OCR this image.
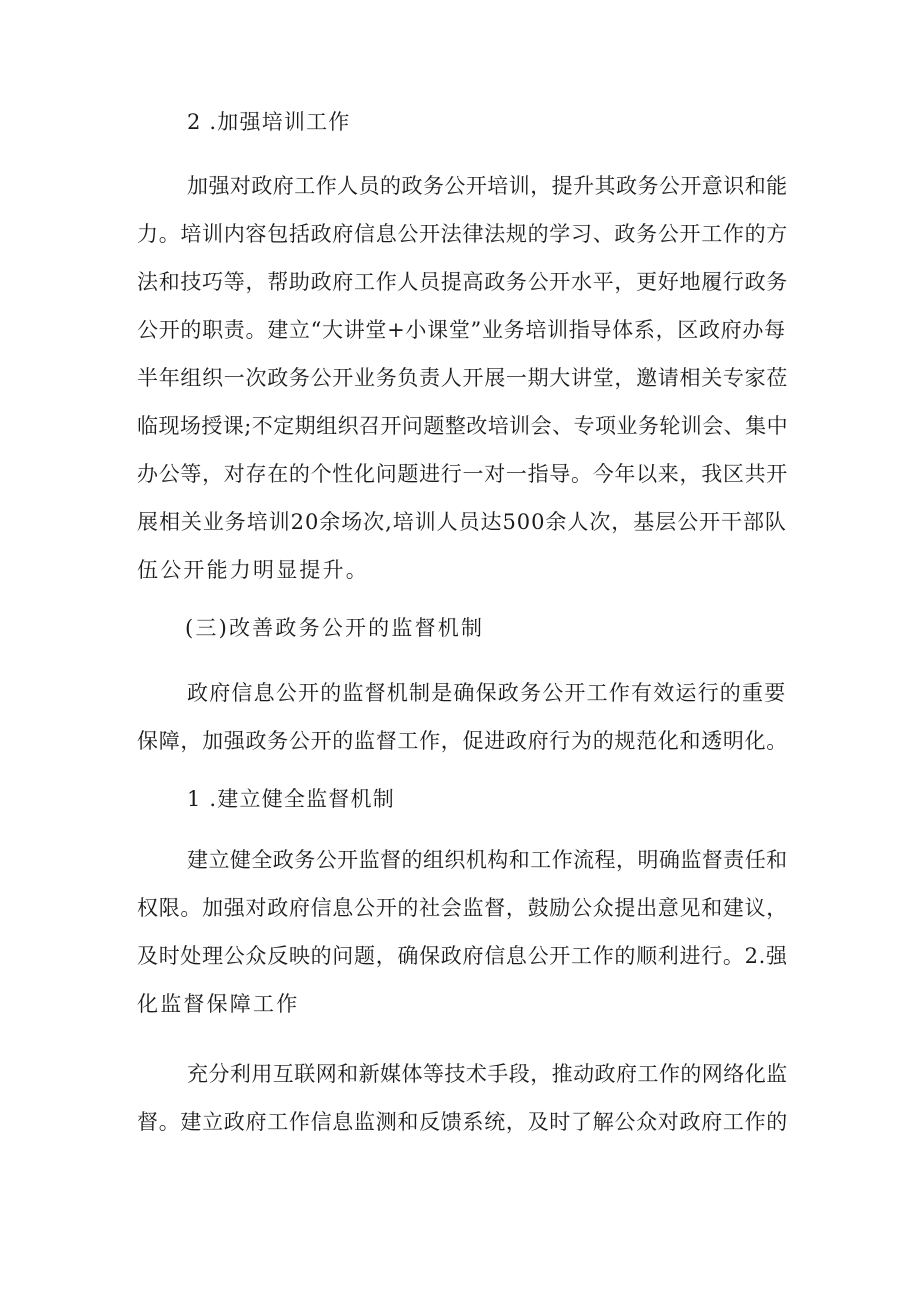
2 .加强培训工作
加强对政府工作人员的政务公开培训，提升其政务公开意识和能
力。培训内容包括政府信息公开法律法规的学习、政务公开工作的方
法和技巧等，帮助政府工作人员提高政务公开水平，更好地履行政务
公开的职责。建立“大讲堂+小课堂”业务培训指导体系，区政府办每
半年组织一次政务公开业务负责人开展一期大讲堂，邀请相关专家莅
临现场授课;不定期组织召开问题整改培训会、专项业务轮训会、集中
办公等，对存在的个性化问题进行一对一指导。今年以来，我区共开
展相关业务培训20余场次,培训人员达500余人次，基层公开干部队
伍公开能力明显提升。
(三)改善政务公开的监督机制
政府信息公开的监督机制是确保政务公开工作有效运行的重要
保障，加强政务公开的监督工作，促进政府行为的规范化和透明化。
1 .建立健全监督机制
建立健全政务公开监督的组织机构和工作流程，明确监督责任和
权限。加强对政府信息公开的社会监督，鼓励公众提出意见和建议，
及时处理公众反映的问题，确保政府信息公开工作的顺利进行。2.强
化监督保障工作
充分利用互联网和新媒体等技术手段，推动政府工作的网络化监
督。建立政府工作信息监测和反馈系统，及时了解公众对政府工作的
